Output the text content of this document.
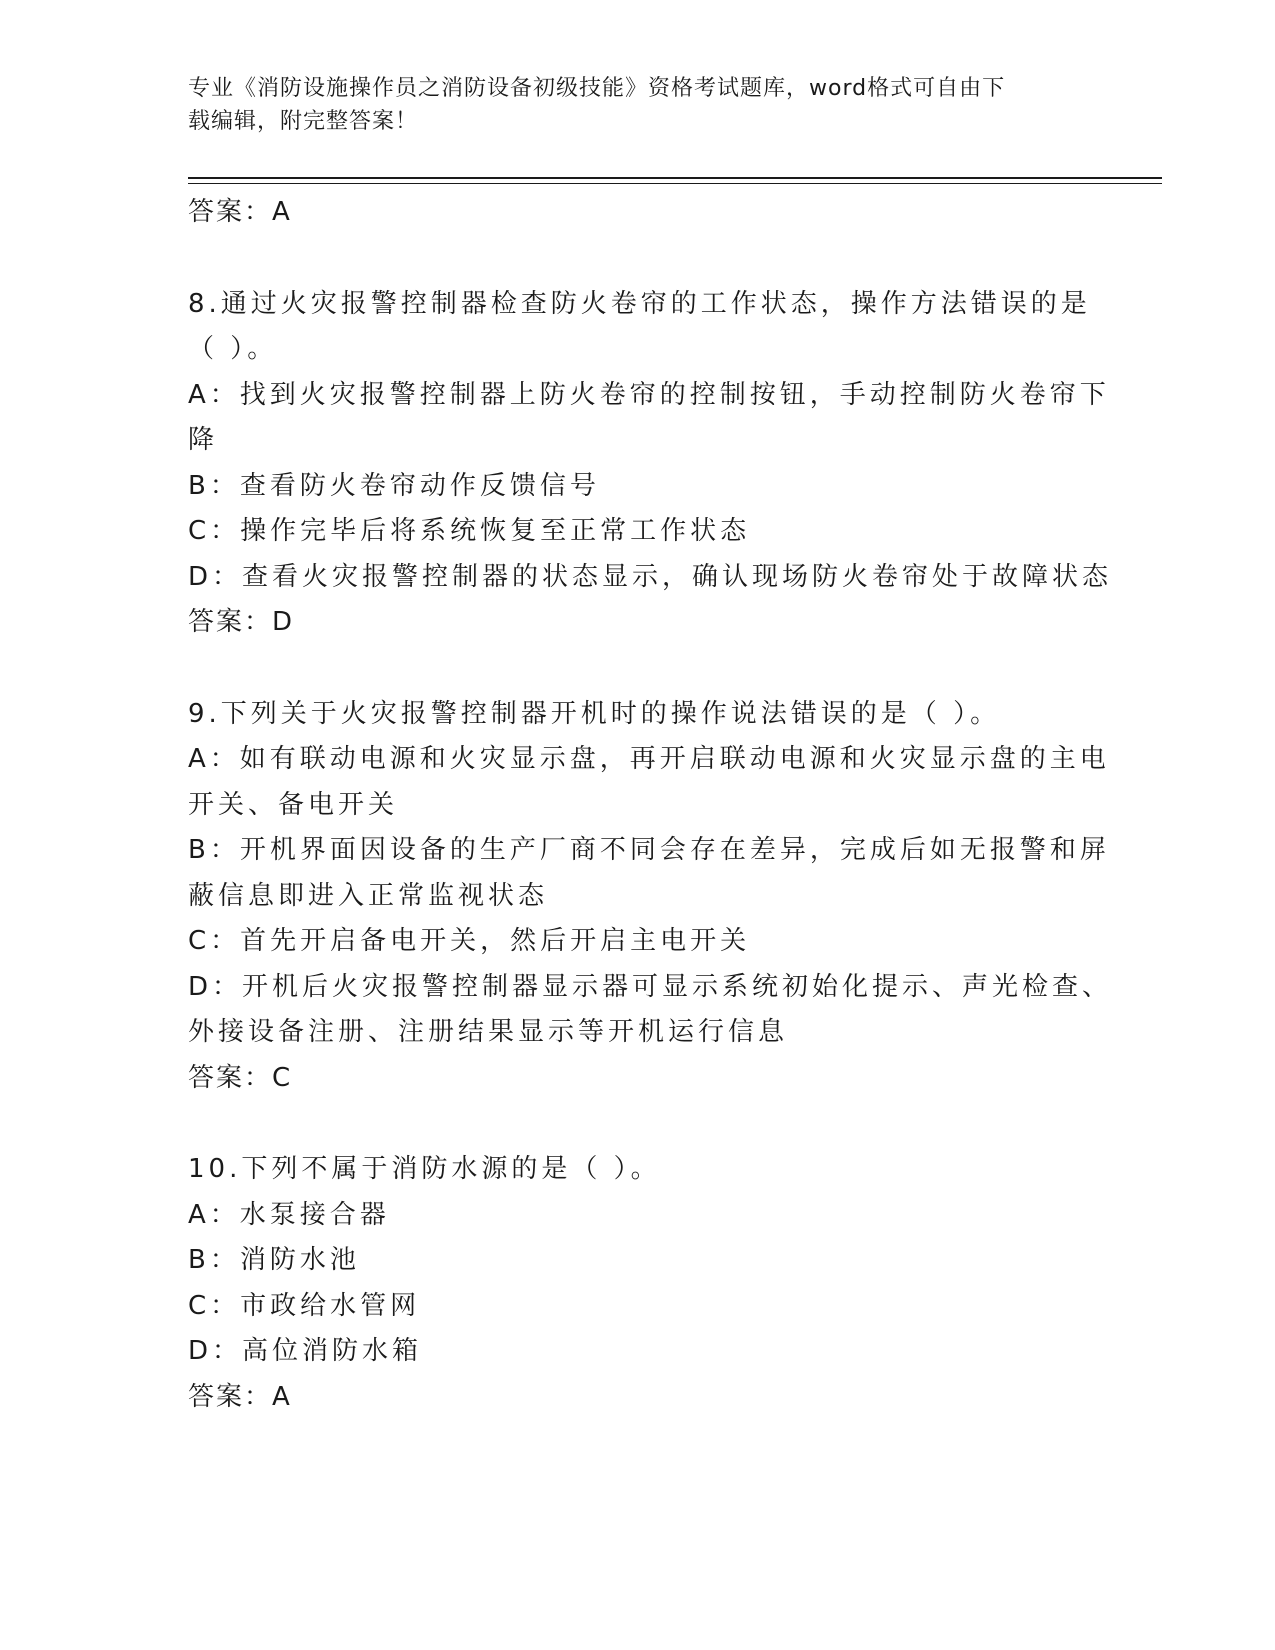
专业《消防设施操作员之消防设备初级技能》资格考试题库，word格式可自由下
载编辑，附完整答案！
答案：A
8.通过火灾报警控制器检查防火卷帘的工作状态，操作方法错误的是
（ ）。
A：找到火灾报警控制器上防火卷帘的控制按钮，手动控制防火卷帘下
降
B：查看防火卷帘动作反馈信号
C：操作完毕后将系统恢复至正常工作状态
D：查看火灾报警控制器的状态显示，确认现场防火卷帘处于故障状态
答案：D
9.下列关于火灾报警控制器开机时的操作说法错误的是（ ）。
A：如有联动电源和火灾显示盘，再开启联动电源和火灾显示盘的主电
开关、备电开关
B：开机界面因设备的生产厂商不同会存在差异，完成后如无报警和屏
蔽信息即进入正常监视状态
C：首先开启备电开关，然后开启主电开关
D：开机后火灾报警控制器显示器可显示系统初始化提示、声光检查、
外接设备注册、注册结果显示等开机运行信息
答案：C
10.下列不属于消防水源的是（ ）。
A：水泵接合器
B：消防水池
C：市政给水管网
D：高位消防水箱
答案：A
